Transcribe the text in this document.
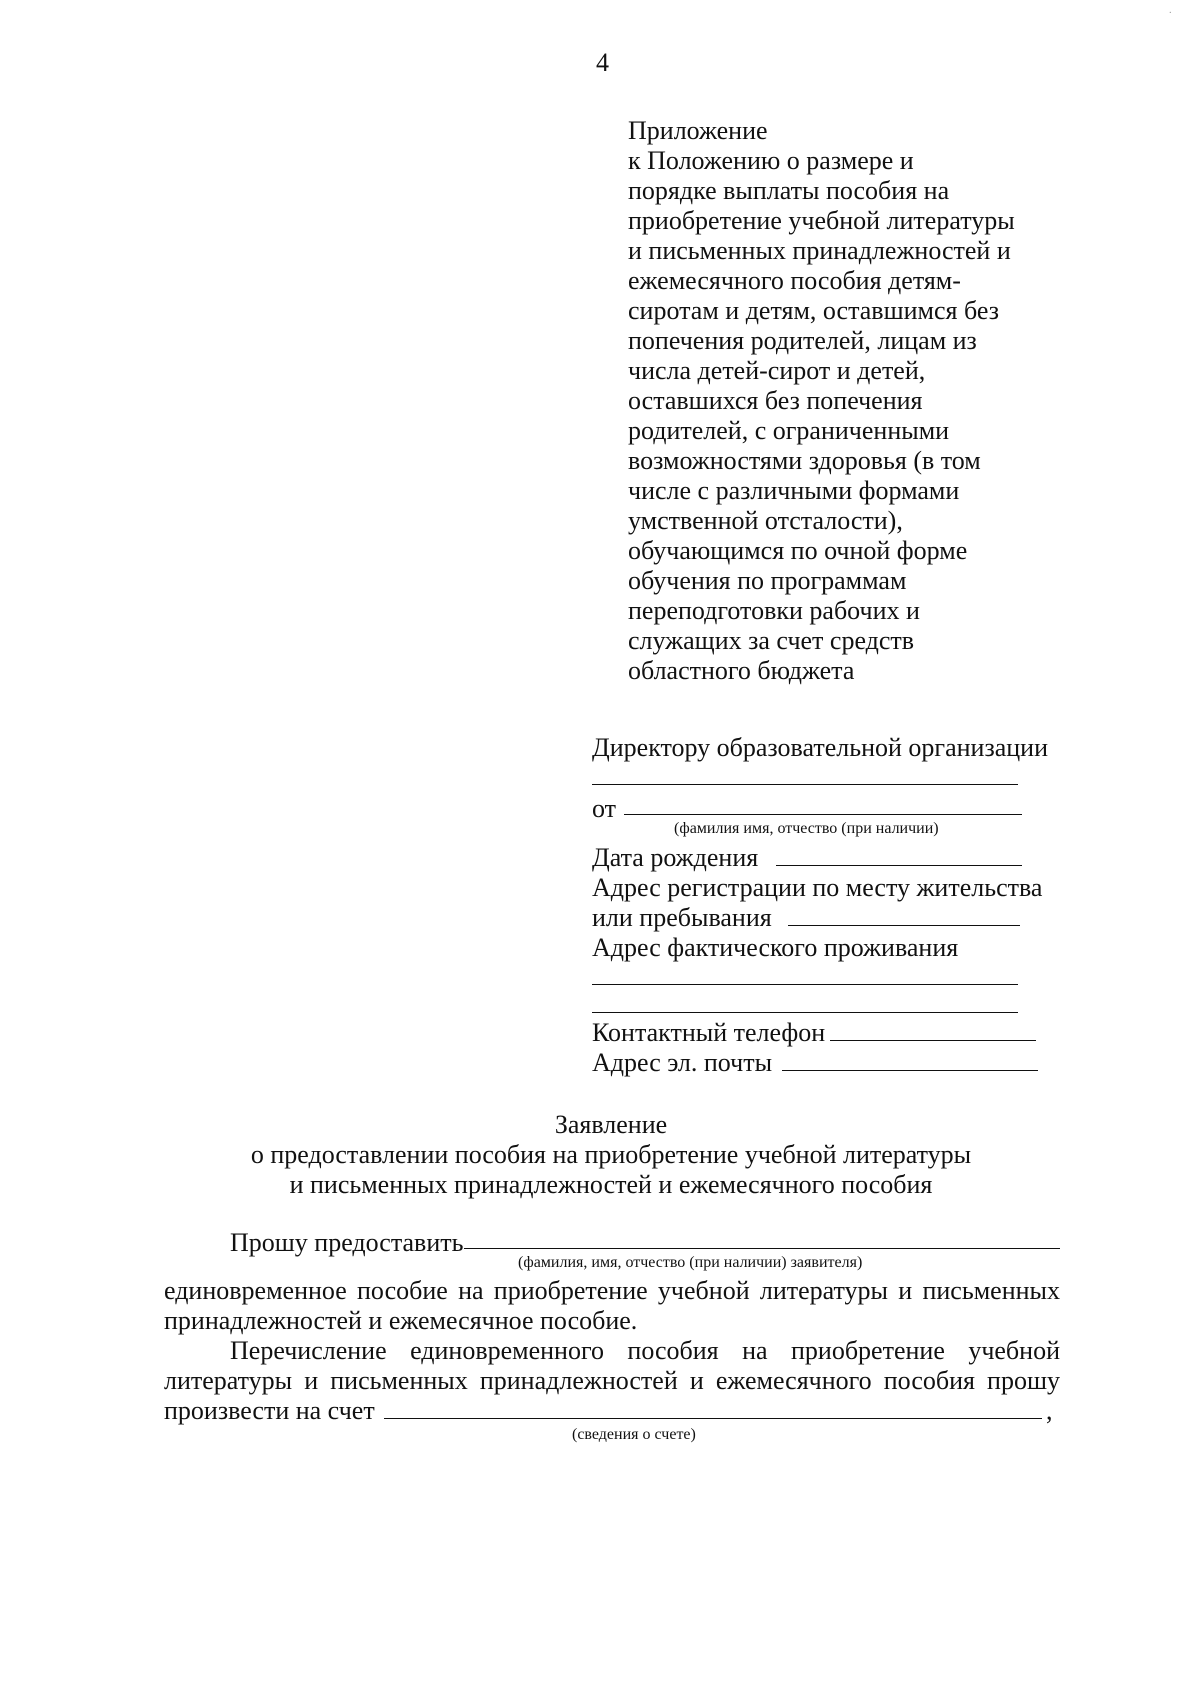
·
4
Приложение
к Положению о размере и
порядке выплаты пособия на
приобретение учебной литературы
и письменных принадлежностей и
ежемесячного пособия детям-
сиротам и детям, оставшимся без
попечения родителей, лицам из
числа детей-сирот и детей,
оставшихся без попечения
родителей, с ограниченными
возможностями здоровья (в том
числе с различными формами
умственной отсталости),
обучающимся по очной форме
обучения по программам
переподготовки рабочих и
служащих за счет средств
областного бюджета
Директору образовательной организации
от
(фамилия имя, отчество (при наличии)
Дата рождения
Адрес регистрации по месту жительства
или пребывания
Адрес фактического проживания
Контактный телефон
Адрес эл. почты
Заявление
о предоставлении пособия на приобретение учебной литературы
и письменных принадлежностей и ежемесячного пособия
Прошу предоставить
(фамилия, имя, отчество (при наличии) заявителя)
единовременное пособие на приобретение учебной литературы и письменных
принадлежностей и ежемесячное пособие.
Перечисление единовременного пособия на приобретение учебной
литературы и письменных принадлежностей и ежемесячного пособия прошу
произвести на счет	,
(сведения о счете)
